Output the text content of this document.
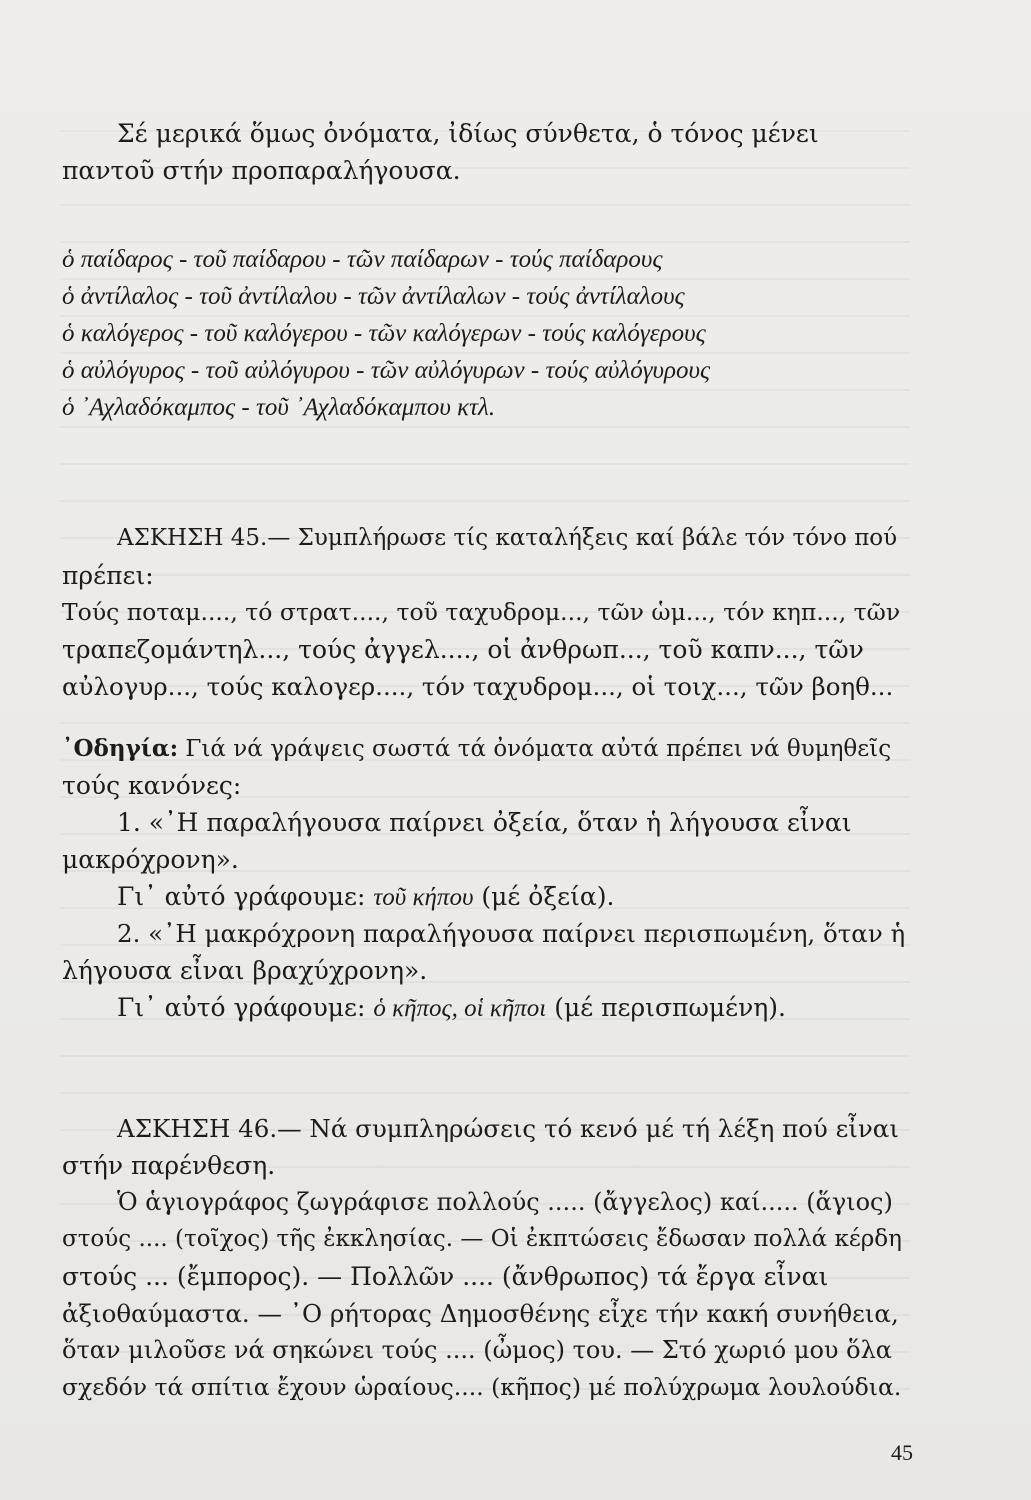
Σέ μερικά ὅμως ὀνόματα, ἰδίως σύνθετα, ὁ τόνος μένει
παντοῦ στήν προπαραλήγουσα.
ὁ παίδαρος - τοῦ παίδαρου - τῶν παίδαρων - τούς παίδαρους
ὁ ἀντίλαλος - τοῦ ἀντίλαλου - τῶν ἀντίλαλων - τούς ἀντίλαλους
ὁ καλόγερος - τοῦ καλόγερου - τῶν καλόγερων - τούς καλόγερους
ὁ αὐλόγυρος - τοῦ αὐλόγυρου - τῶν αὐλόγυρων - τούς αὐλόγυρους
ὁ ᾿Αχλαδόκαμπος - τοῦ ᾿Αχλαδόκαμπου κτλ.
ΑΣΚΗΣΗ 45.— Συμπλήρωσε τίς καταλήξεις καί βάλε τόν τόνο πού
πρέπει:
Τούς ποταμ...., τό στρατ...., τοῦ ταχυδρομ..., τῶν ὡμ..., τόν κηπ..., τῶν
τραπεζομάντηλ..., τούς ἀγγελ...., οἱ ἀνθρωπ..., τοῦ καπν..., τῶν
αὐλογυρ..., τούς καλογερ...., τόν ταχυδρομ..., οἱ τοιχ..., τῶν βοηθ...
᾿Οδηγία: Γιά νά γράψεις σωστά τά ὀνόματα αὐτά πρέπει νά θυμηθεῖς
τούς κανόνες:
1. «᾿Η παραλήγουσα παίρνει ὀξεία, ὅταν ἡ λήγουσα εἶναι
μακρόχρονη».
Γι᾿ αὐτό γράφουμε: τοῦ κήπου (μέ ὀξεία).
2. «᾿Η μακρόχρονη παραλήγουσα παίρνει περισπωμένη, ὅταν ἡ
λήγουσα εἶναι βραχύχρονη».
Γι᾿ αὐτό γράφουμε: ὁ κῆπος, οἱ κῆποι (μέ περισπωμένη).
ΑΣΚΗΣΗ 46.— Νά συμπληρώσεις τό κενό μέ τή λέξη πού εἶναι
στήν παρένθεση.
Ὁ ἁγιογράφος ζωγράφισε πολλούς ..... (ἄγγελος) καί..... (ἅγιος)
στούς .... (τοῖχος) τῆς ἐκκλησίας. — Οἱ ἐκπτώσεις ἔδωσαν πολλά κέρδη
στούς ... (ἔμπορος). — Πολλῶν .... (ἄνθρωπος) τά ἔργα εἶναι
ἀξιοθαύμαστα. — ᾿Ο ρήτορας Δημοσθένης εἶχε τήν κακή συνήθεια,
ὅταν μιλοῦσε νά σηκώνει τούς .... (ὦμος) του. — Στό χωριό μου ὅλα
σχεδόν τά σπίτια ἔχουν ὡραίους.... (κῆπος) μέ πολύχρωμα λουλούδια.
45
